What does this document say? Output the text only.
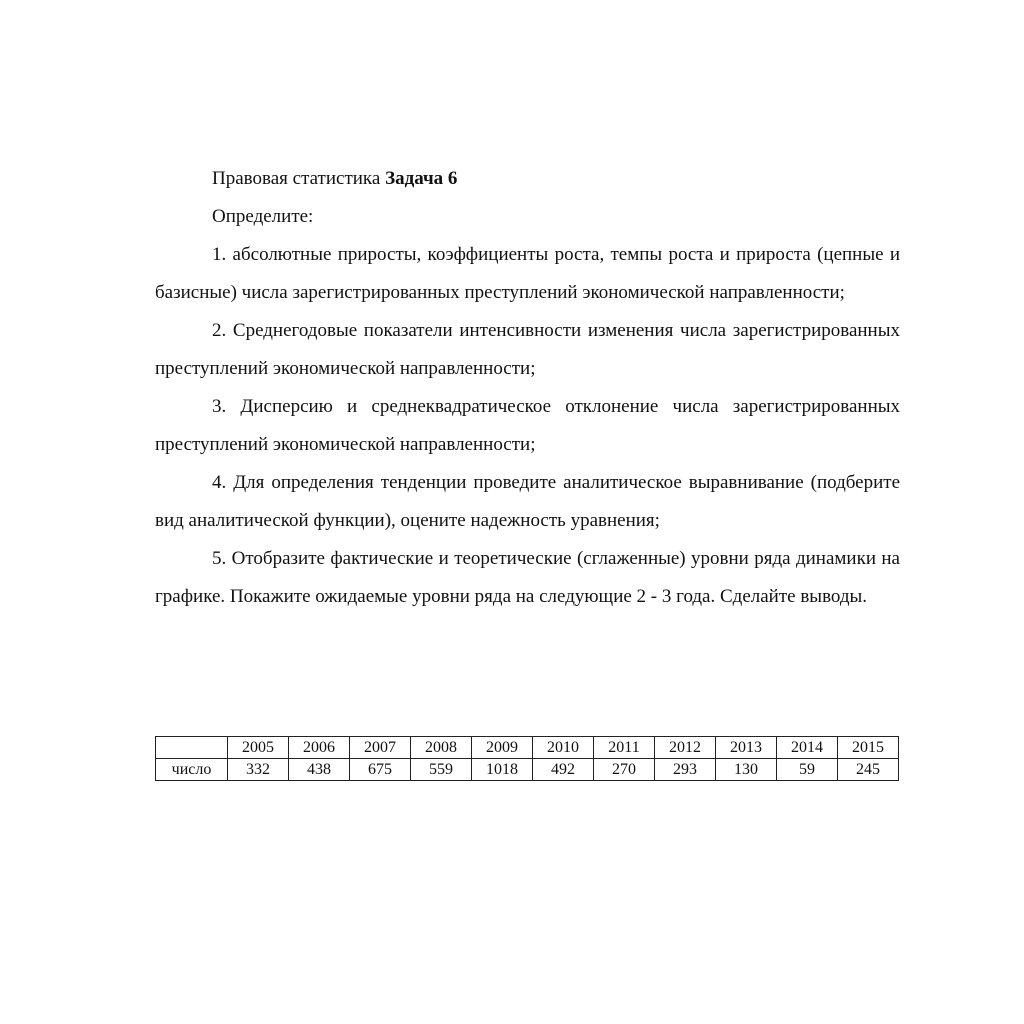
Правовая статистика Задача 6

Определите:

1. абсолютные приросты, коэффициенты роста, темпы роста и прироста (цепные и базисные) числа зарегистрированных преступлений экономической направленности;

2. Среднегодовые показатели интенсивности изменения числа зарегистрированных преступлений экономической направленности;

3. Дисперсию и среднеквадратическое отклонение числа зарегистрированных преступлений экономической направленности;

4. Для определения тенденции проведите аналитическое выравнивание (подберите вид аналитической функции), оцените надежность уравнения;

5. Отобразите фактические и теоретические (сглаженные) уровни ряда динамики на графике. Покажите ожидаемые уровни ряда на следующие 2 - 3 года. Сделайте выводы.

	2005	2006	2007	2008	2009	2010	2011	2012	2013	2014	2015
число	332	438	675	559	1018	492	270	293	130	59	245
